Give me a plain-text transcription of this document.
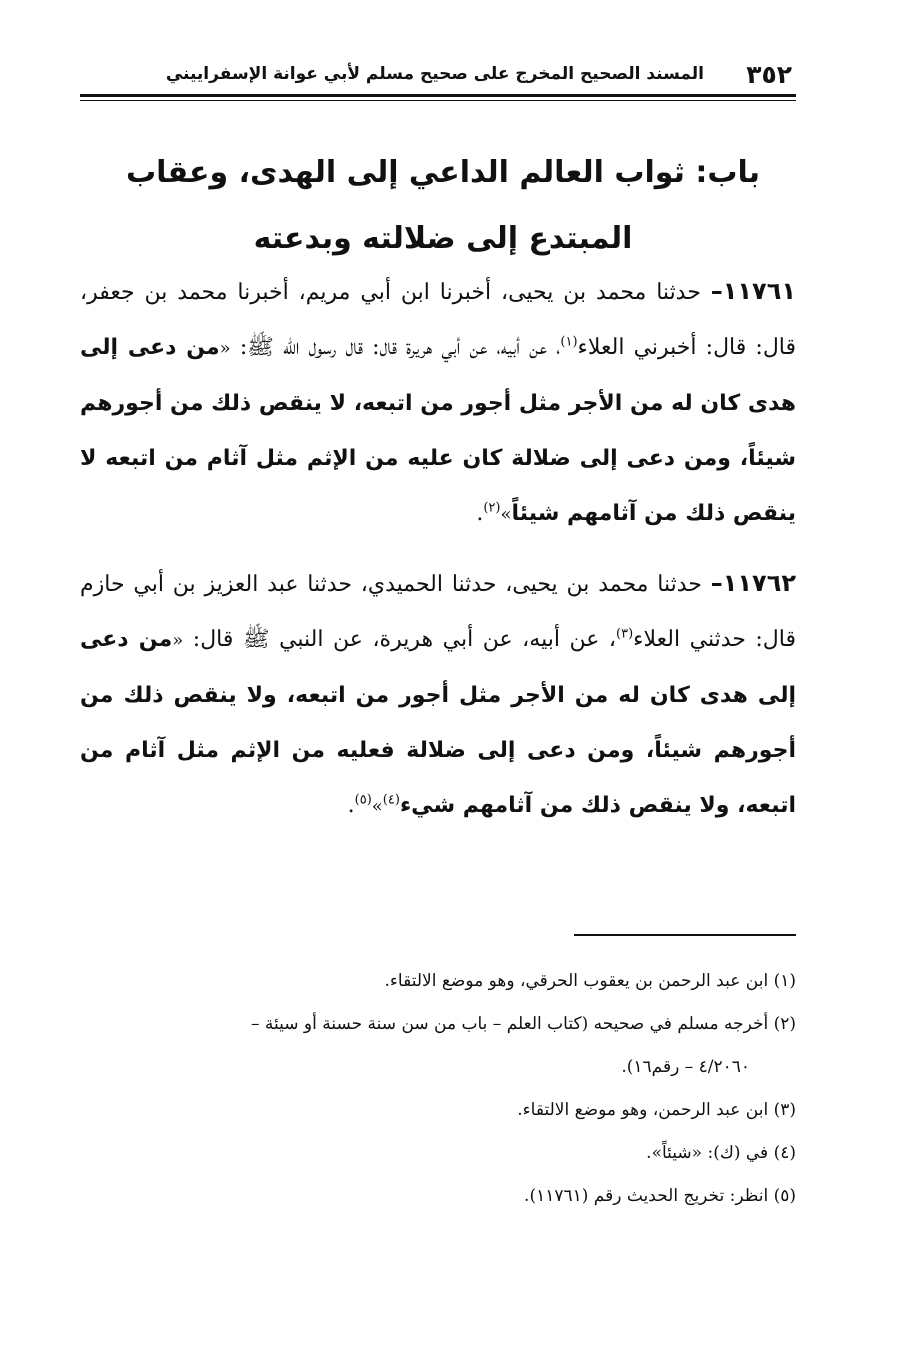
٣٥٢
المسند الصحيح المخرج على صحيح مسلم لأبي عوانة الإسفراييني
باب: ثواب العالم الداعي إلى الهدى، وعقاب المبتدع إلى ضلالته وبدعته

١١٧٦١– حدثنا محمد بن يحيى، أخبرنا ابن أبي مريم، أخبرنا محمد بن جعفر، قال: قال: أخبرني العلاء$^{(١)}$، عن أبيه، عن أبي هريرة قال: قال رسول الله ﷺ: «من دعى إلى هدى كان له من الأجر مثل أجور من اتبعه، لا ينقص ذلك من أجورهم شيئاً، ومن دعى إلى ضلالة كان عليه من الإثم مثل آثام من اتبعه لا ينقص ذلك من آثامهم شيئاً»$^{(٢)}$.

١١٧٦٢– حدثنا محمد بن يحيى، حدثنا الحميدي، حدثنا عبد العزيز بن أبي حازم قال: حدثني العلاء$^{(٣)}$، عن أبيه، عن أبي هريرة، عن النبي ﷺ قال: «من دعى إلى هدى كان له من الأجر مثل أجور من اتبعه، ولا ينقص ذلك من أجورهم شيئاً، ومن دعى إلى ضلالة فعليه من الإثم مثل آثام من اتبعه، ولا ينقص ذلك من آثامهم شيء$^{(٤)}$»$^{(٥)}$.

(١) ابن عبد الرحمن بن يعقوب الحرقي، وهو موضع الالتقاء.
(٢) أخرجه مسلم في صحيحه (كتاب العلم – باب من سن سنة حسنة أو سيئة –
٤/٢٠٦٠ – رقم١٦).
(٣) ابن عبد الرحمن، وهو موضع الالتقاء.
(٤) في (ك): «شيئاً».
(٥) انظر: تخريج الحديث رقم (١١٧٦١).
